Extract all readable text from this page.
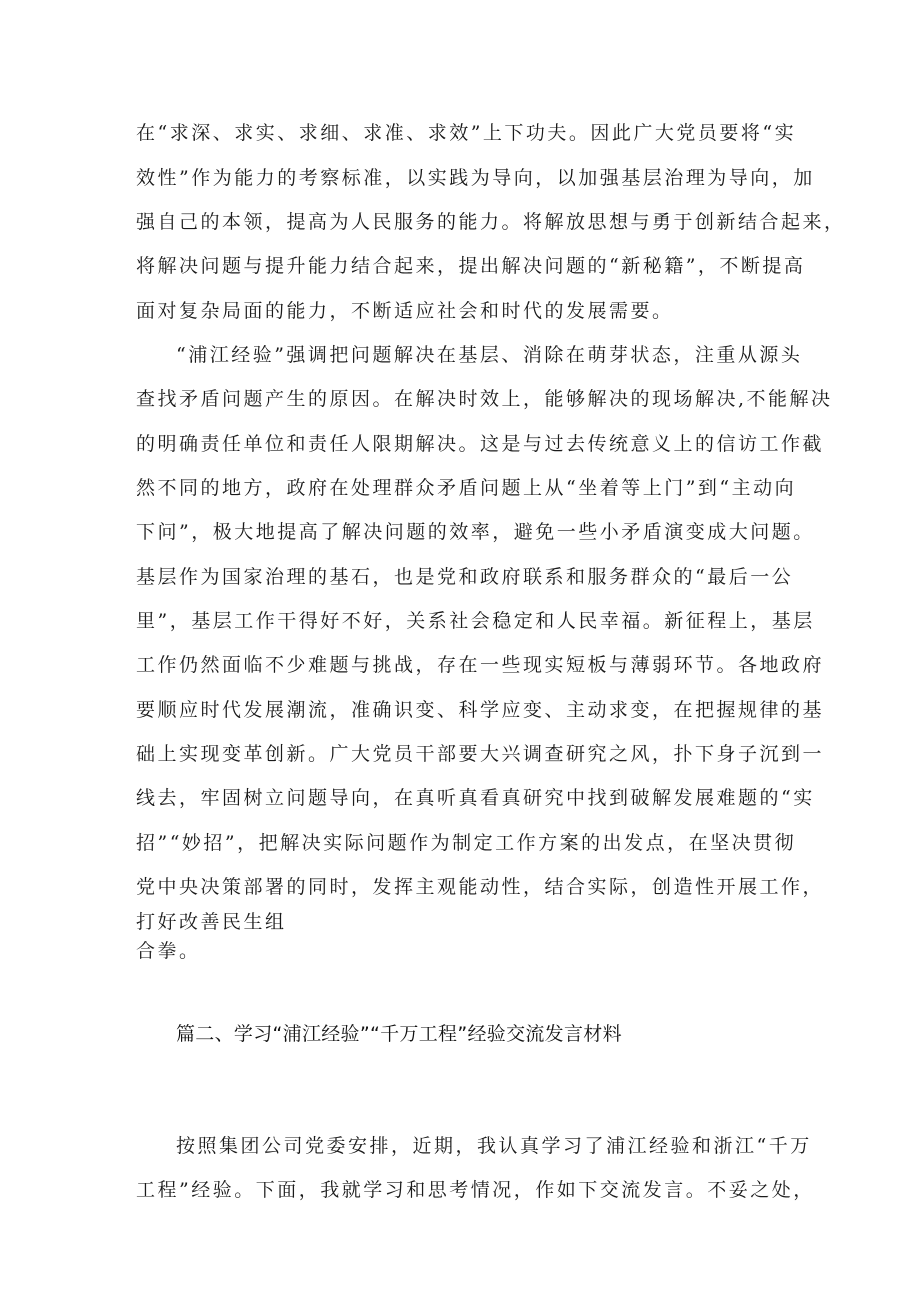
在“求深、求实、求细、求准、求效”上下功夫。因此广大党员要将“实
效性”作为能力的考察标准，以实践为导向，以加强基层治理为导向，加
强自己的本领，提高为人民服务的能力。将解放思想与勇于创新结合起来，
将解决问题与提升能力结合起来，提出解决问题的“新秘籍”，不断提高
面对复杂局面的能力，不断适应社会和时代的发展需要。
“浦江经验”强调把问题解决在基层、消除在萌芽状态，注重从源头
查找矛盾问题产生的原因。在解决时效上，能够解决的现场解决,不能解决
的明确责任单位和责任人限期解决。这是与过去传统意义上的信访工作截
然不同的地方，政府在处理群众矛盾问题上从“坐着等上门”到“主动向
下问”，极大地提高了解决问题的效率，避免一些小矛盾演变成大问题。
基层作为国家治理的基石，也是党和政府联系和服务群众的“最后一公
里”，基层工作干得好不好，关系社会稳定和人民幸福。新征程上，基层
工作仍然面临不少难题与挑战，存在一些现实短板与薄弱环节。各地政府
要顺应时代发展潮流，准确识变、科学应变、主动求变，在把握规律的基
础上实现变革创新。广大党员干部要大兴调查研究之风，扑下身子沉到一
线去，牢固树立问题导向，在真听真看真研究中找到破解发展难题的“实
招”“妙招”，把解决实际问题作为制定工作方案的出发点，在坚决贯彻
党中央决策部署的同时，发挥主观能动性，结合实际，创造性开展工作，
打好改善民生组
合拳。
篇二、学习“浦江经验”“千万工程”经验交流发言材料
按照集团公司党委安排，近期，我认真学习了浦江经验和浙江“千万
工程”经验。下面，我就学习和思考情况，作如下交流发言。不妥之处，
